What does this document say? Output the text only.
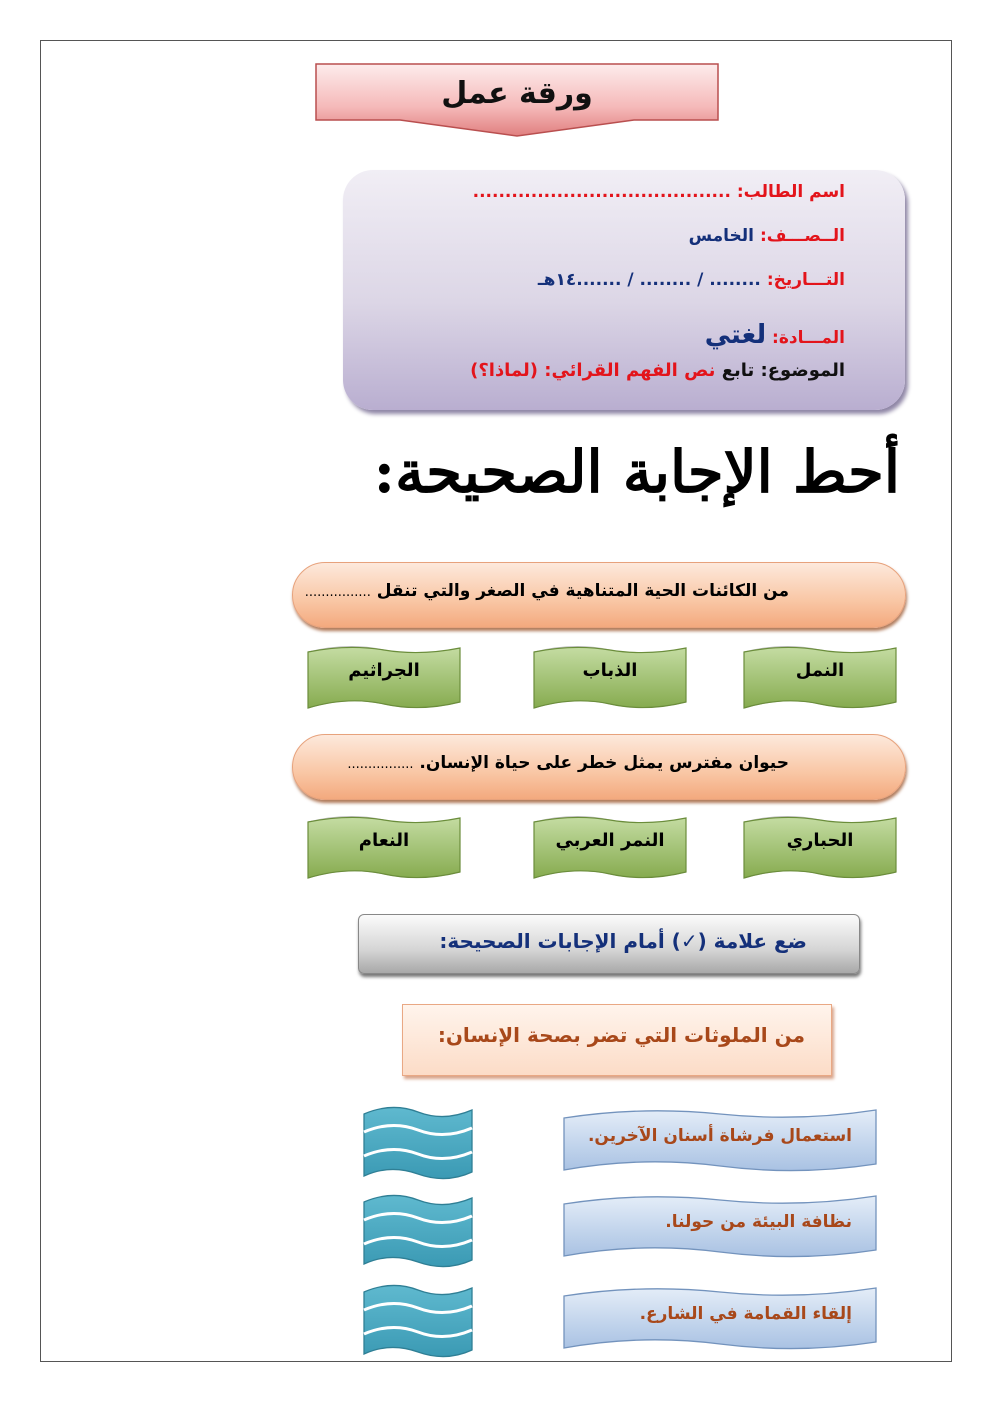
ورقة عمل
اسم الطالب: ........................................
الــصـــف: الخامس
التـــاريخ: ........ / ........ / .......١٤هـ
المـــادة: لغتي
الموضوع: تابع نص الفهم القرائي: (لماذا؟)
أحط الإجابة الصحيحة:
من الكائنات الحية المتناهية في الصغر والتي تنقل ................
النمل
الذباب
الجراثيم
حيوان مفترس يمثل خطر على حياة الإنسان. ................
الحباري
النمر العربي
النعام
ضع علامة (✓) أمام الإجابات الصحيحة:
من الملوثات التي تضر بصحة الإنسان:
استعمال فرشاة أسنان الآخرين.
نظافة البيئة من حولنا.
إلقاء القمامة في الشارع.
